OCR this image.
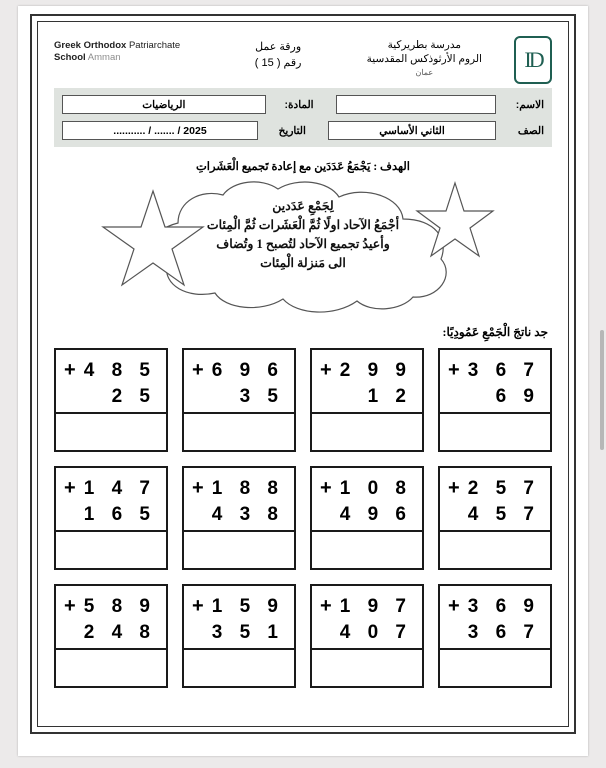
Greek Orthodox Patriarchate
School Amman
ورقة عمل
رقم ( 15 )
مدرسة بطريركية
الروم الأرثوذكس المقدسية
عمان
ID
الاسم:
المادة:
الرياضيات
الصف
الثاني الأساسي
التاريخ
2025 / ....... / ...........
الهدف : يَجْمَعُ عَدَدَين مع إعادة تَجميع الْعَشَراتِ
لِجَمْعِ عَدَدين
أجْمَعُ الآحاد اولًا ثُمَّ الْعَشَرات ثُمَّ الْمِئات
وأعيدُ تجميع الآحاد لتُصبح 1 وتُضاف
الى مَنزلة الْمِئات
جد ناتجَ الْجَمْعِ عَمُودِيًا:
+ 4 8 5
2 5
+ 6 9 6
3 5
+ 2 9 9
1 2
+ 3 6 7
6 9
+ 1 4 7
1 6 5
+ 1 8 8
4 3 8
+ 1 0 8
4 9 6
+ 2 5 7
4 5 7
+ 5 8 9
2 4 8
+ 1 5 9
3 5 1
+ 1 9 7
4 0 7
+ 3 6 9
3 6 7
